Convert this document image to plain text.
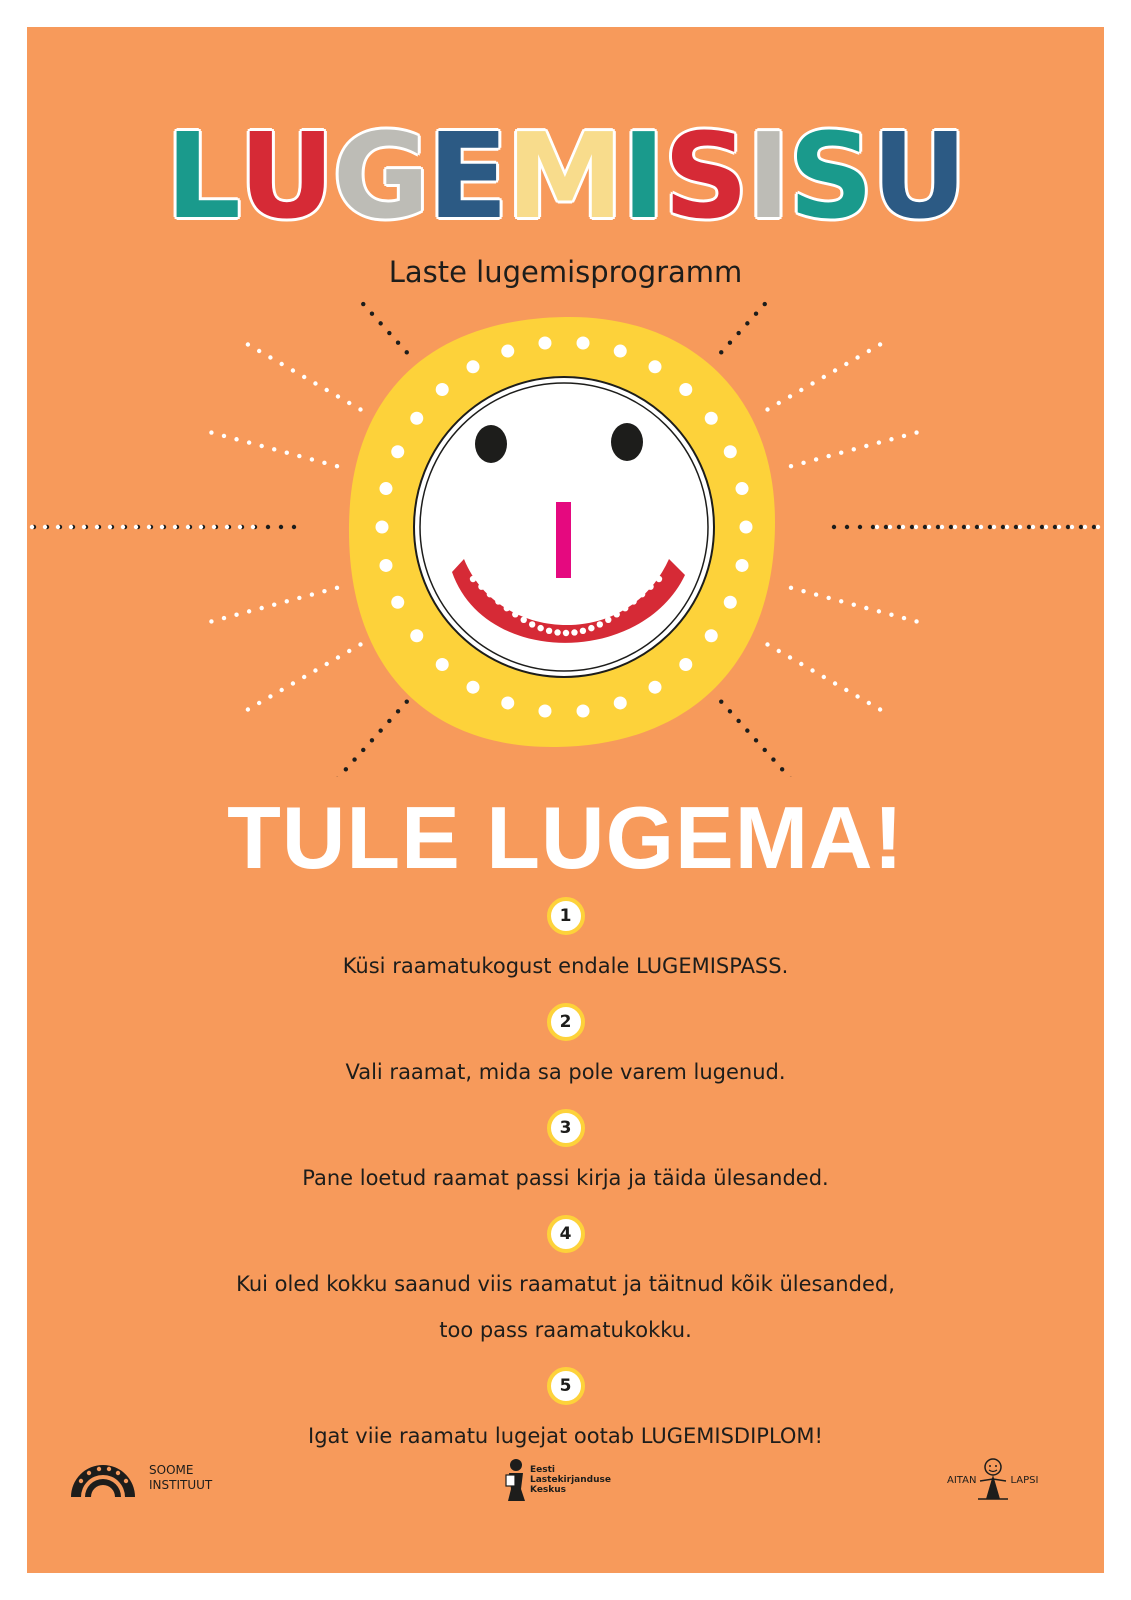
LUGEMISISU
Laste lugemisprogramm
TULE LUGEMA!
1
Küsi raamatukogust endale LUGEMISPASS.
2
Vali raamat, mida sa pole varem lugenud.
3
Pane loetud raamat passi kirja ja täida ülesanded.
4
Kui oled kokku saanud viis raamatut ja täitnud kõik ülesanded,
too pass raamatukokku.
5
Igat viie raamatu lugejat ootab LUGEMISDIPLOM!
SOOME
INSTITUUT
Eesti
Lastekirjanduse
Keskus
AITAN	LAPSI
